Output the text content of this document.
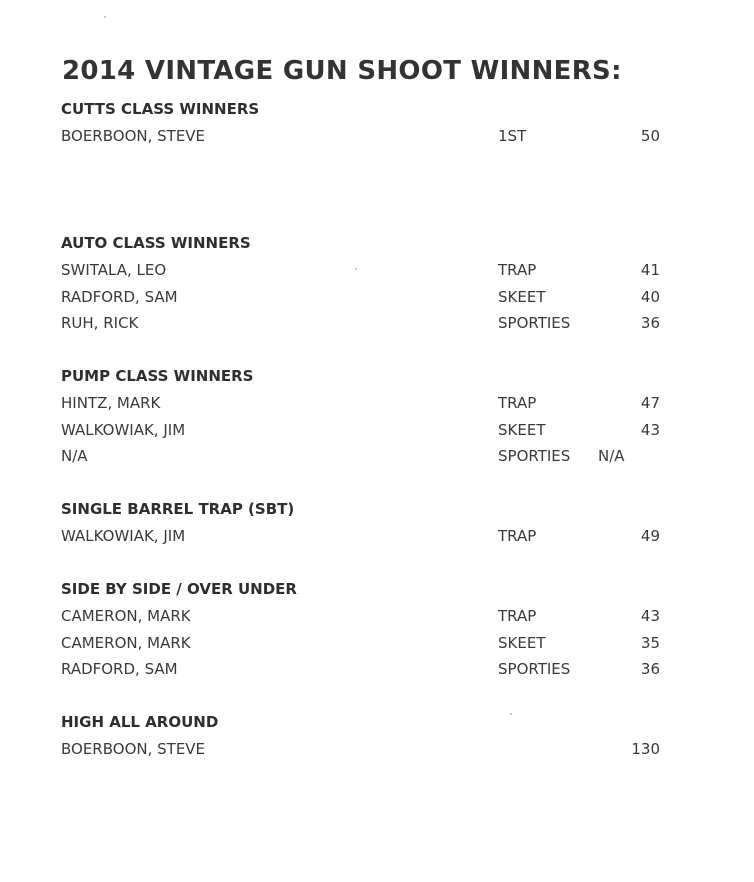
2014 VINTAGE GUN SHOOT WINNERS:
CUTTS CLASS WINNERS
BOERBOON, STEVE	1ST	50
AUTO CLASS WINNERS
SWITALA, LEO	TRAP	41
RADFORD, SAM	SKEET	40
RUH, RICK	SPORTIES	36
PUMP CLASS WINNERS
HINTZ, MARK	TRAP	47
WALKOWIAK, JIM	SKEET	43
N/A	SPORTIES N/A
SINGLE BARREL TRAP (SBT)
WALKOWIAK, JIM	TRAP	49
SIDE BY SIDE / OVER UNDER
CAMERON, MARK	TRAP	43
CAMERON, MARK	SKEET	35
RADFORD, SAM	SPORTIES	36
HIGH ALL AROUND
BOERBOON, STEVE	130
